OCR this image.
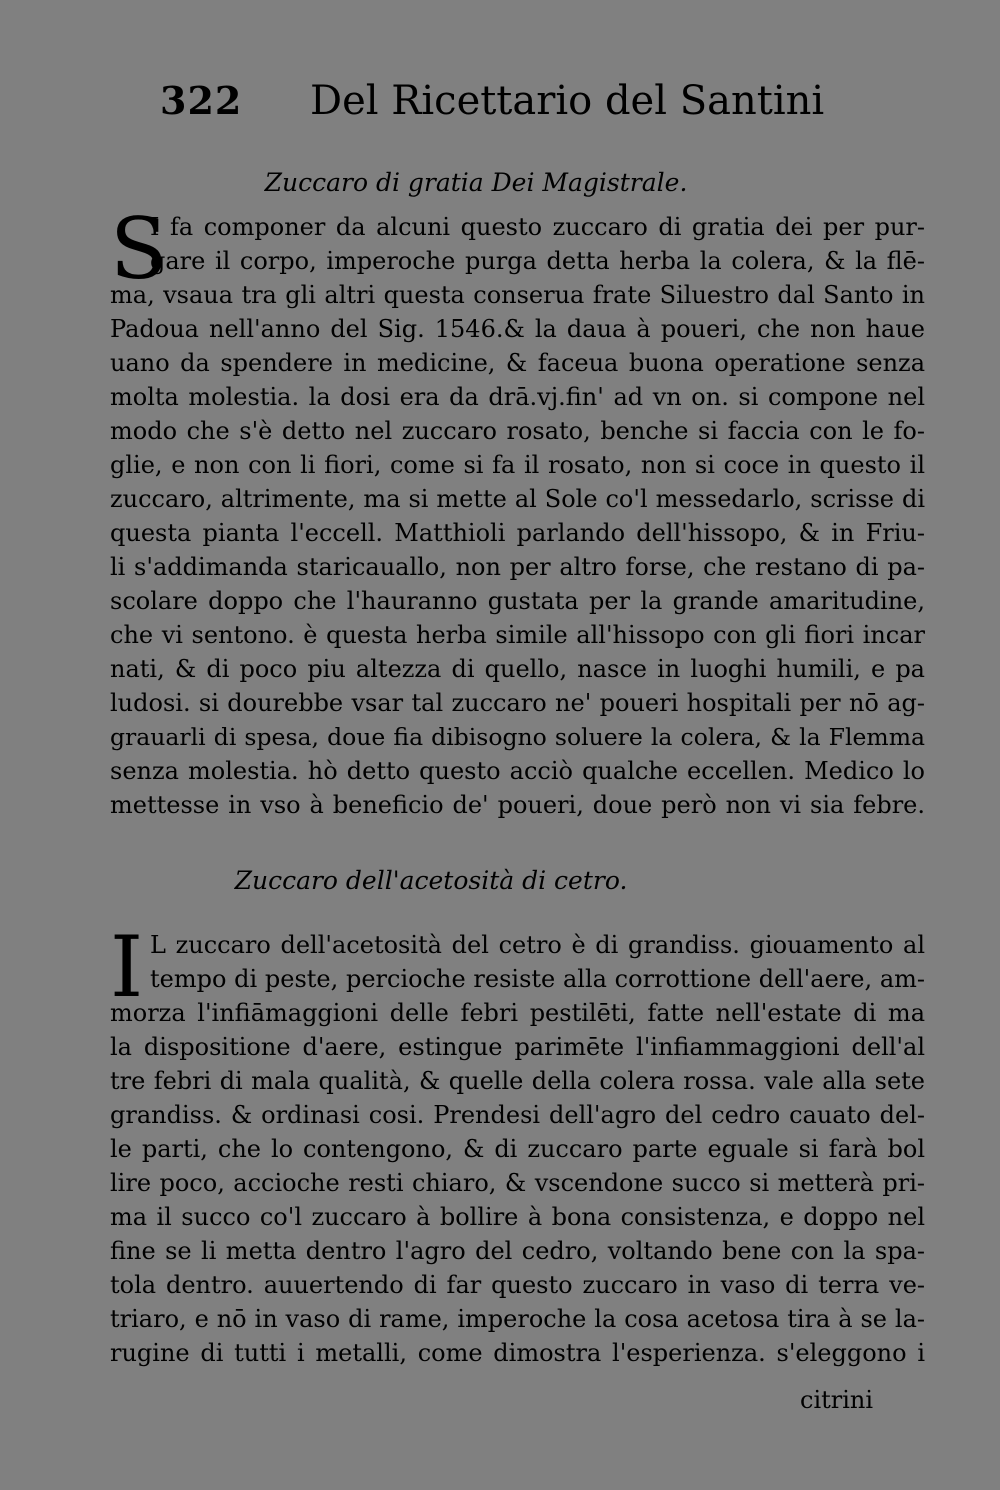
322 Del Ricettario del Santini
Zuccaro di gratia Dei Magistrale.
S
I fa componer da alcuni questo zuccaro di gratia dei per pur-
gare il corpo, imperoche purga detta herba la colera, & la flē-
ma, vsaua tra gli altri questa conserua frate Siluestro dal Santo in
Padoua nell'anno del Sig. 1546.& la daua à poueri, che non haue
uano da spendere in medicine, & faceua buona operatione senza
molta molestia. la dosi era da drā.vj.fin' ad vn on. si compone nel
modo che s'è detto nel zuccaro rosato, benche si faccia con le fo-
glie, e non con li fiori, come si fa il rosato, non si coce in questo il
zuccaro, altrimente, ma si mette al Sole co'l messedarlo, scrisse di
questa pianta l'eccell. Matthioli parlando dell'hissopo, & in Friu-
li s'addimanda staricauallo, non per altro forse, che restano di pa-
scolare doppo che l'hauranno gustata per la grande amaritudine,
che vi sentono. è questa herba simile all'hissopo con gli fiori incar
nati, & di poco piu altezza di quello, nasce in luoghi humili, e pa
ludosi. si dourebbe vsar tal zuccaro ne' poueri hospitali per nō ag-
grauarli di spesa, doue fia dibisogno soluere la colera, & la Flemma
senza molestia. hò detto questo acciò qualche eccellen. Medico lo
mettesse in vso à beneficio de' poueri, doue però non vi sia febre.
Zuccaro dell'acetosità di cetro.
I L zuccaro dell'acetosità del cetro è di grandiss. giouamento al
tempo di peste, percioche resiste alla corrottione dell'aere, am-
morza l'infiāmaggioni delle febri pestilēti, fatte nell'estate di ma
la dispositione d'aere, estingue parimēte l'infiammaggioni dell'al
tre febri di mala qualità, & quelle della colera rossa. vale alla sete
grandiss. & ordinasi cosi. Prendesi dell'agro del cedro cauato del-
le parti, che lo contengono, & di zuccaro parte eguale si farà bol
lire poco, accioche resti chiaro, & vscendone succo si metterà pri-
ma il succo co'l zuccaro à bollire à bona consistenza, e doppo nel
fine se li metta dentro l'agro del cedro, voltando bene con la spa-
tola dentro. auuertendo di far questo zuccaro in vaso di terra ve-
triaro, e nō in vaso di rame, imperoche la cosa acetosa tira à se la-
rugine di tutti i metalli, come dimostra l'esperienza. s'eleggono i
citrini
